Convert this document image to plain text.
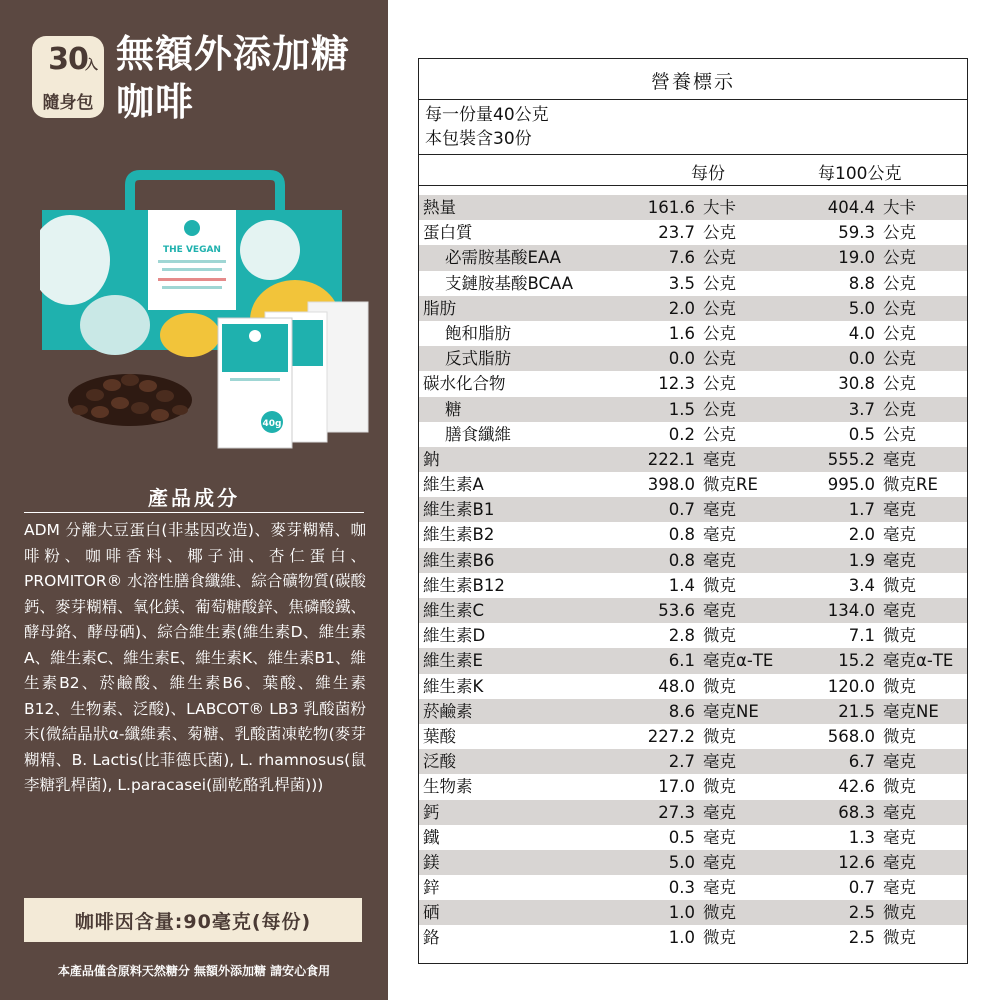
30
入
隨身包
無額外添加糖
咖啡
THE VEGAN
40g
產品成分
ADM 分離大豆蛋白(非基因改造)、麥芽糊精、咖啡粉、咖啡香料、椰子油、杏仁蛋白、PROMITOR® 水溶性膳食纖維、綜合礦物質(碳酸鈣、麥芽糊精、氧化鎂、葡萄糖酸鋅、焦磷酸鐵、酵母鉻、酵母硒)、綜合維生素(維生素D、維生素A、維生素C、維生素E、維生素K、維生素B1、維生素B2、菸鹼酸、維生素B6、葉酸、維生素B12、生物素、泛酸)、LABCOT® LB3 乳酸菌粉末(微結晶狀α-纖維素、菊糖、乳酸菌凍乾物(麥芽糊精、B. Lactis(比菲德氏菌), L. rhamnosus(鼠李糖乳桿菌), L.paracasei(副乾酪乳桿菌)))
咖啡因含量:90毫克(每份)
本產品僅含原料天然糖分 無額外添加糖 請安心食用
營養標示
每一份量40公克
本包裝含30份
每份	每100公克
熱量	161.6 大卡	404.4 大卡
蛋白質	23.7 公克	59.3 公克
必需胺基酸EAA	7.6 公克	19.0 公克
支鏈胺基酸BCAA	3.5 公克	8.8 公克
脂肪	2.0 公克	5.0 公克
飽和脂肪	1.6 公克	4.0 公克
反式脂肪	0.0 公克	0.0 公克
碳水化合物	12.3 公克	30.8 公克
糖	1.5 公克	3.7 公克
膳食纖維	0.2 公克	0.5 公克
鈉	222.1 毫克	555.2 毫克
維生素A	398.0 微克RE	995.0 微克RE
維生素B1	0.7 毫克	1.7 毫克
維生素B2	0.8 毫克	2.0 毫克
維生素B6	0.8 毫克	1.9 毫克
維生素B12	1.4 微克	3.4 微克
維生素C	53.6 毫克	134.0 毫克
維生素D	2.8 微克	7.1 微克
維生素E	6.1 毫克α-TE	15.2 毫克α-TE
維生素K	48.0 微克	120.0 微克
菸鹼素	8.6 毫克NE	21.5 毫克NE
葉酸	227.2 微克	568.0 微克
泛酸	2.7 毫克	6.7 毫克
生物素	17.0 微克	42.6 微克
鈣	27.3 毫克	68.3 毫克
鐵	0.5 毫克	1.3 毫克
鎂	5.0 毫克	12.6 毫克
鋅	0.3 毫克	0.7 毫克
硒	1.0 微克	2.5 微克
鉻	1.0 微克	2.5 微克
